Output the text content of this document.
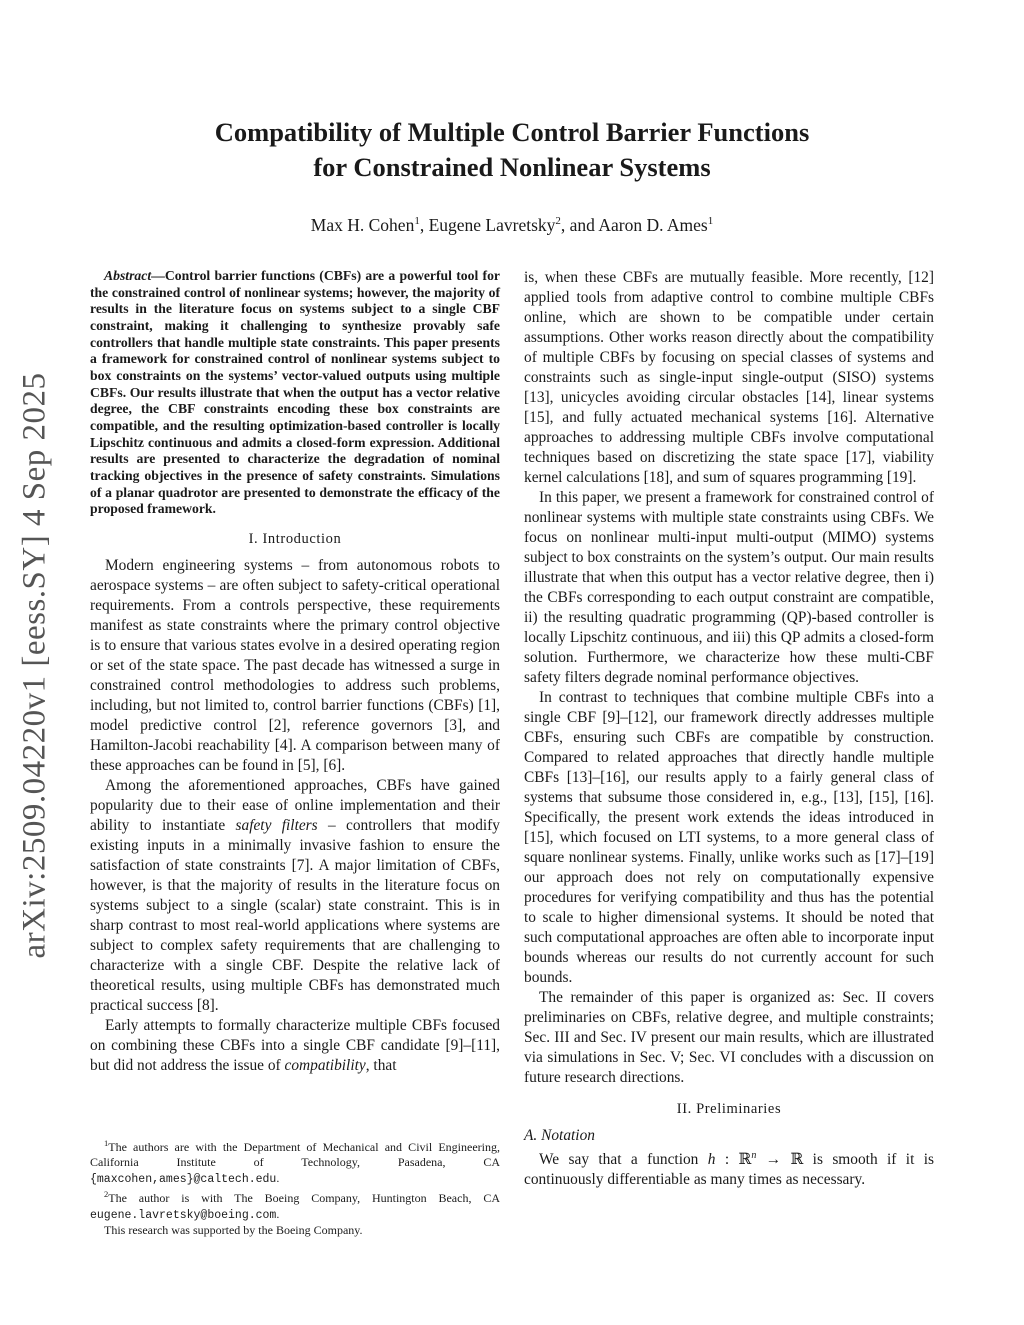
arXiv:2509.04220v1 [eess.SY] 4 Sep 2025
Compatibility of Multiple Control Barrier Functions
for Constrained Nonlinear Systems
Max H. Cohen$^1$, Eugene Lavretsky$^2$, and Aaron D. Ames$^1$

Abstract—Control barrier functions (CBFs) are a powerful tool for the constrained control of nonlinear systems; however, the majority of results in the literature focus on systems subject to a single CBF constraint, making it challenging to synthesize provably safe controllers that handle multiple state constraints. This paper presents a framework for constrained control of nonlinear systems subject to box constraints on the systems’ vector-valued outputs using multiple CBFs. Our results illustrate that when the output has a vector relative degree, the CBF constraints encoding these box constraints are compatible, and the resulting optimization-based controller is locally Lipschitz continuous and admits a closed-form expression. Additional results are presented to characterize the degradation of nominal tracking objectives in the presence of safety constraints. Simulations of a planar quadrotor are presented to demonstrate the efficacy of the proposed framework.

I. Introduction

Modern engineering systems – from autonomous robots to aerospace systems – are often subject to safety-critical operational requirements. From a controls perspective, these requirements manifest as state constraints where the primary control objective is to ensure that various states evolve in a desired operating region or set of the state space. The past decade has witnessed a surge in constrained control methodologies to address such problems, including, but not limited to, control barrier functions (CBFs) [1], model predictive control [2], reference governors [3], and Hamilton-Jacobi reachability [4]. A comparison between many of these approaches can be found in [5], [6].

Among the aforementioned approaches, CBFs have gained popularity due to their ease of online implementation and their ability to instantiate safety filters – controllers that modify existing inputs in a minimally invasive fashion to ensure the satisfaction of state constraints [7]. A major limitation of CBFs, however, is that the majority of results in the literature focus on systems subject to a single (scalar) state constraint. This is in sharp contrast to most real-world applications where systems are subject to complex safety requirements that are challenging to characterize with a single CBF. Despite the relative lack of theoretical results, using multiple CBFs has demonstrated much practical success [8].

Early attempts to formally characterize multiple CBFs focused on combining these CBFs into a single CBF candidate [9]–[11], but did not address the issue of compatibility, that

$^1$The authors are with the Department of Mechanical and Civil Engineering, California Institute of Technology, Pasadena, CA {maxcohen,ames}@caltech.edu.

$^2$The author is with The Boeing Company, Huntington Beach, CA eugene.lavretsky@boeing.com.

This research was supported by the Boeing Company.

is, when these CBFs are mutually feasible. More recently, [12] applied tools from adaptive control to combine multiple CBFs online, which are shown to be compatible under certain assumptions. Other works reason directly about the compatibility of multiple CBFs by focusing on special classes of systems and constraints such as single-input single-output (SISO) systems [13], unicycles avoiding circular obstacles [14], linear systems [15], and fully actuated mechanical systems [16]. Alternative approaches to addressing multiple CBFs involve computational techniques based on discretizing the state space [17], viability kernel calculations [18], and sum of squares programming [19].

In this paper, we present a framework for constrained control of nonlinear systems with multiple state constraints using CBFs. We focus on nonlinear multi-input multi-output (MIMO) systems subject to box constraints on the system’s output. Our main results illustrate that when this output has a vector relative degree, then i) the CBFs corresponding to each output constraint are compatible, ii) the resulting quadratic programming (QP)-based controller is locally Lipschitz continuous, and iii) this QP admits a closed-form solution. Furthermore, we characterize how these multi-CBF safety filters degrade nominal performance objectives.

In contrast to techniques that combine multiple CBFs into a single CBF [9]–[12], our framework directly addresses multiple CBFs, ensuring such CBFs are compatible by construction. Compared to related approaches that directly handle multiple CBFs [13]–[16], our results apply to a fairly general class of systems that subsume those considered in, e.g., [13], [15], [16]. Specifically, the present work extends the ideas introduced in [15], which focused on LTI systems, to a more general class of square nonlinear systems. Finally, unlike works such as [17]–[19] our approach does not rely on computationally expensive procedures for verifying compatibility and thus has the potential to scale to higher dimensional systems. It should be noted that such computational approaches are often able to incorporate input bounds whereas our results do not currently account for such bounds.

The remainder of this paper is organized as: Sec. II covers preliminaries on CBFs, relative degree, and multiple constraints; Sec. III and Sec. IV present our main results, which are illustrated via simulations in Sec. V; Sec. VI concludes with a discussion on future research directions.

II. Preliminaries

A. Notation

We say that a function h : ℝ$^n$ → ℝ is smooth if it is continuously differentiable as many times as necessary.
